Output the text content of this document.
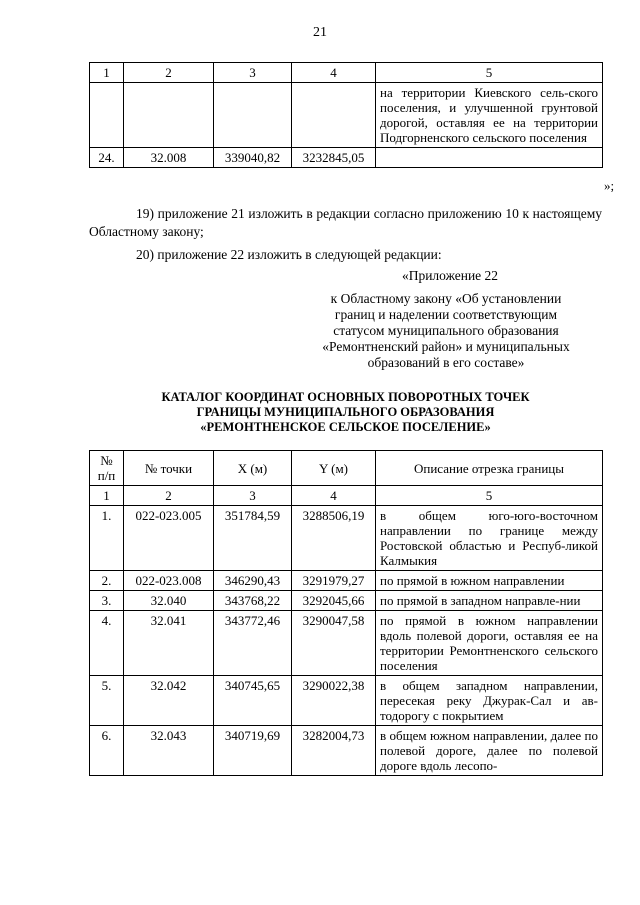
21
1	2	3	4	5
				на территории Киевского сель-ского поселения, и улучшенной грунтовой дорогой, оставляя ее на территории Подгорненского сельского поселения
24.	32.008	339040,82	3232845,05	
»;
19) приложение 21 изложить в редакции согласно приложению 10 к настоящему Областному закону;
20) приложение 22 изложить в следующей редакции:
«Приложение 22
к Областному закону «Об установлении
границ и наделении соответствующим
статусом муниципального образования
«Ремонтненский район» и муниципальных
образований в его составе»
КАТАЛОГ КООРДИНАТ ОСНОВНЫХ ПОВОРОТНЫХ ТОЧЕК
ГРАНИЦЫ МУНИЦИПАЛЬНОГО ОБРАЗОВАНИЯ
«РЕМОНТНЕНСКОЕ СЕЛЬСКОЕ ПОСЕЛЕНИЕ»
№
п/п	№ точки	X (м)	Y (м)	Описание отрезка границы
1	2	3	4	5
1.	022-023.005	351784,59	3288506,19	в общем юго-юго-восточном направлении по границе между Ростовской областью и Респуб-ликой Калмыкия
2.	022-023.008	346290,43	3291979,27	по прямой в южном направлении
3.	32.040	343768,22	3292045,66	по прямой в западном направле-нии
4.	32.041	343772,46	3290047,58	по прямой в южном направлении вдоль полевой дороги, оставляя ее на территории Ремонтненского сельского поселения
5.	32.042	340745,65	3290022,38	в общем западном направлении, пересекая реку Джурак-Сал и ав-тодорогу с покрытием
6.	32.043	340719,69	3282004,73	в общем южном направлении, далее по полевой дороге, далее по полевой дороге вдоль лесопо-
